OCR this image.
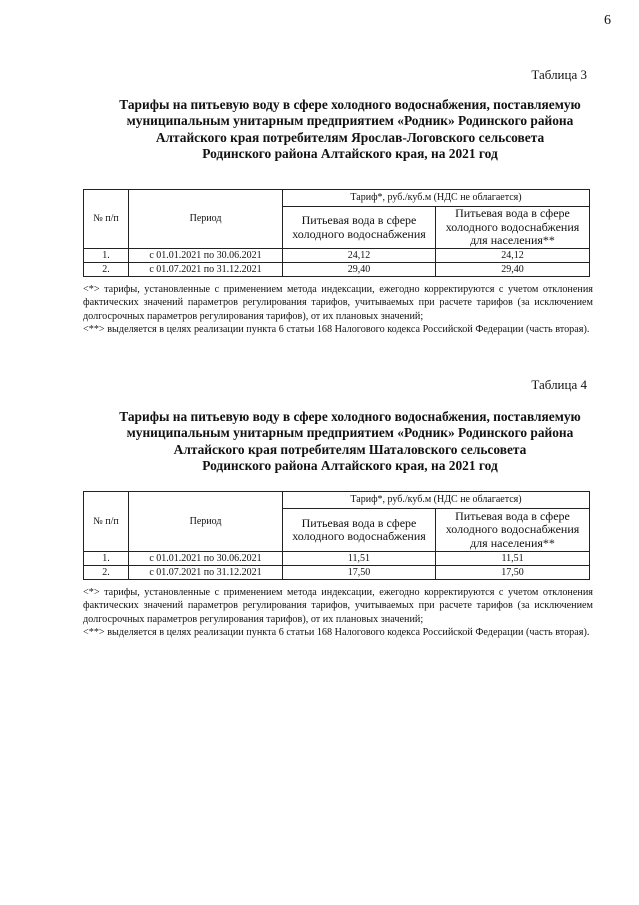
6
Таблица 3
Тарифы на питьевую воду в сфере холодного водоснабжения, поставляемую
муниципальным унитарным предприятием «Родник» Родинского района
Алтайского края потребителям Ярослав-Логовского сельсовета
Родинского района Алтайского края, на 2021 год
№ п/п	Период	Тариф*, руб./куб.м (НДС не облагается)	
		Питьевая вода в сфере холодного водоснабжения	Питьевая вода в сфере холодного водоснабжения для населения**
1.	с 01.01.2021 по 30.06.2021	24,12	24,12
2.	с 01.07.2021 по 31.12.2021	29,40	29,40

<*> тарифы, установленные с применением метода индексации, ежегодно корректируются с учетом отклонения фактических значений параметров регулирования тарифов, учитываемых при расчете тарифов (за исключением долгосрочных параметров регулирования тарифов), от их плановых значений;

<**> выделяется в целях реализации пункта 6 статьи 168 Налогового кодекса Российской Федерации (часть вторая).

Таблица 4
Тарифы на питьевую воду в сфере холодного водоснабжения, поставляемую
муниципальным унитарным предприятием «Родник» Родинского района
Алтайского края потребителям Шаталовского сельсовета
Родинского района Алтайского края, на 2021 год
№ п/п	Период	Тариф*, руб./куб.м (НДС не облагается)	
		Питьевая вода в сфере холодного водоснабжения	Питьевая вода в сфере холодного водоснабжения для населения**
1.	с 01.01.2021 по 30.06.2021	11,51	11,51
2.	с 01.07.2021 по 31.12.2021	17,50	17,50

<*> тарифы, установленные с применением метода индексации, ежегодно корректируются с учетом отклонения фактических значений параметров регулирования тарифов, учитываемых при расчете тарифов (за исключением долгосрочных параметров регулирования тарифов), от их плановых значений;

<**> выделяется в целях реализации пункта 6 статьи 168 Налогового кодекса Российской Федерации (часть вторая).
